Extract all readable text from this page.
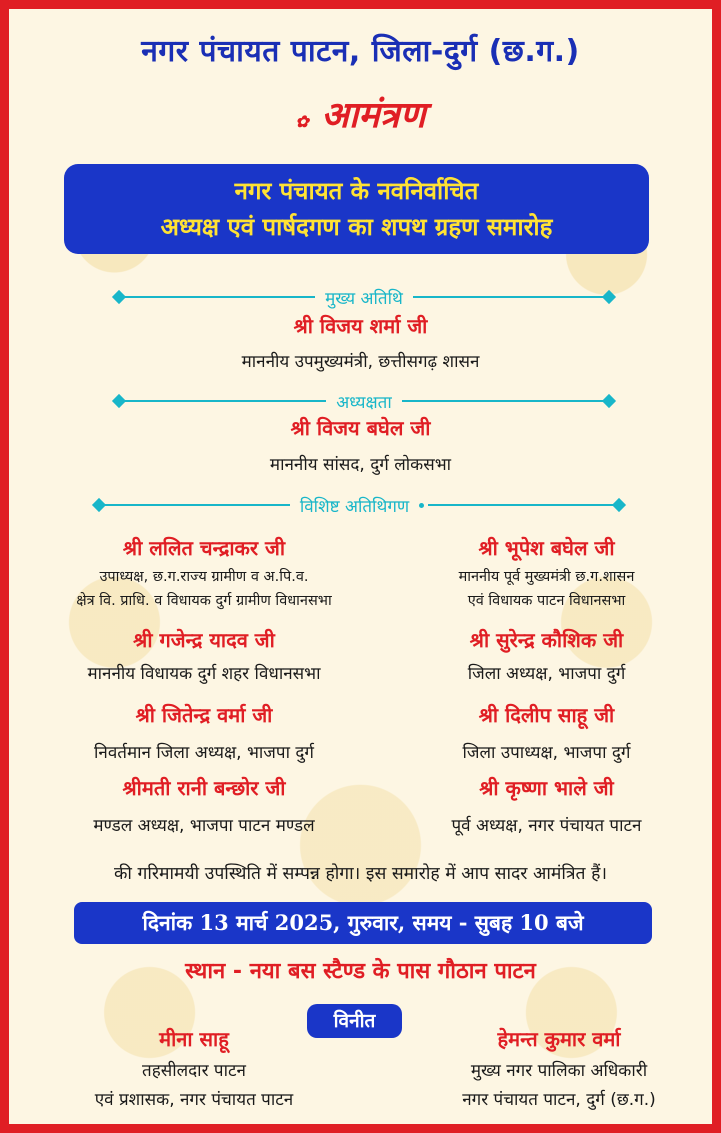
नगर पंचायत पाटन, जिला-दुर्ग (छ.ग.)
✿ आमंत्रण
नगर पंचायत के नवनिर्वाचित
अध्यक्ष एवं पार्षदगण का शपथ ग्रहण समारोह
मुख्य अतिथि
श्री विजय शर्मा जी
माननीय उपमुख्यमंत्री, छत्तीसगढ़ शासन
अध्यक्षता
श्री विजय बघेल जी
माननीय सांसद, दुर्ग लोकसभा
विशिष्ट अतिथिगण
श्री ललित चन्द्राकर जी
उपाध्यक्ष, छ.ग.राज्य ग्रामीण व अ.पि.व.
क्षेत्र वि. प्राधि. व विधायक दुर्ग ग्रामीण विधानसभा
श्री गजेन्द्र यादव जी
माननीय विधायक दुर्ग शहर विधानसभा
श्री जितेन्द्र वर्मा जी
निवर्तमान जिला अध्यक्ष, भाजपा दुर्ग
श्रीमती रानी बन्छोर जी
मण्डल अध्यक्ष, भाजपा पाटन मण्डल
श्री भूपेश बघेल जी
माननीय पूर्व मुख्यमंत्री छ.ग.शासन
एवं विधायक पाटन विधानसभा
श्री सुरेन्द्र कौशिक जी
जिला अध्यक्ष, भाजपा दुर्ग
श्री दिलीप साहू जी
जिला उपाध्यक्ष, भाजपा दुर्ग
श्री कृष्णा भाले जी
पूर्व अध्यक्ष, नगर पंचायत पाटन
की गरिमामयी उपस्थिति में सम्पन्न होगा। इस समारोह में आप सादर आमंत्रित हैं।
दिनांक 13 मार्च 2025, गुरुवार, समय - सुबह 10 बजे
स्थान - नया बस स्टैण्ड के पास गौठान पाटन
विनीत
मीना साहू
तहसीलदार पाटन
एवं प्रशासक, नगर पंचायत पाटन
हेमन्त कुमार वर्मा
मुख्य नगर पालिका अधिकारी
नगर पंचायत पाटन, दुर्ग (छ.ग.)
